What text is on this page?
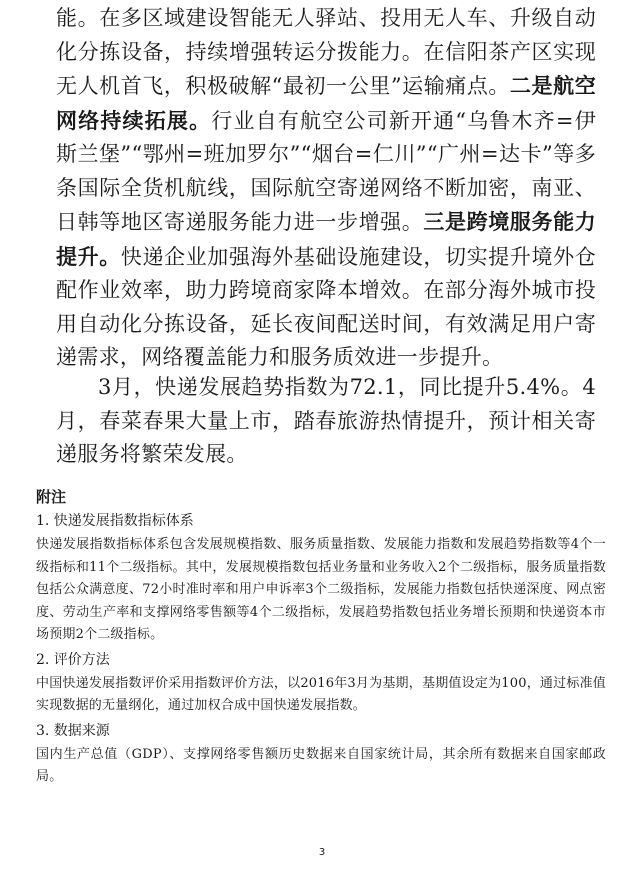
能。在多区域建设智能无人驿站、投用无人车、升级自动化分拣设备，持续增强转运分拨能力。在信阳茶产区实现无人机首飞，积极破解“最初一公里”运输痛点。二是航空网络持续拓展。行业自有航空公司新开通“乌鲁木齐=伊斯兰堡”“鄂州=班加罗尔”“烟台=仁川”“广州=达卡”等多条国际全货机航线，国际航空寄递网络不断加密，南亚、日韩等地区寄递服务能力进一步增强。三是跨境服务能力提升。快递企业加强海外基础设施建设，切实提升境外仓配作业效率，助力跨境商家降本增效。在部分海外城市投用自动化分拣设备，延长夜间配送时间，有效满足用户寄递需求，网络覆盖能力和服务质效进一步提升。
3月，快递发展趋势指数为72.1，同比提升5.4%。4月，春菜春果大量上市，踏春旅游热情提升，预计相关寄递服务将繁荣发展。
附注
1. 快递发展指数指标体系
快递发展指数指标体系包含发展规模指数、服务质量指数、发展能力指数和发展趋势指数等4个一级指标和11个二级指标。其中，发展规模指数包括业务量和业务收入2个二级指标，服务质量指数包括公众满意度、72小时准时率和用户申诉率3个二级指标，发展能力指数包括快递深度、网点密度、劳动生产率和支撑网络零售额等4个二级指标，发展趋势指数包括业务增长预期和快递资本市场预期2个二级指标。
2. 评价方法
中国快递发展指数评价采用指数评价方法，以2016年3月为基期，基期值设定为100，通过标准值实现数据的无量纲化，通过加权合成中国快递发展指数。
3. 数据来源
国内生产总值（GDP）、支撑网络零售额历史数据来自国家统计局，其余所有数据来自国家邮政局。
3
